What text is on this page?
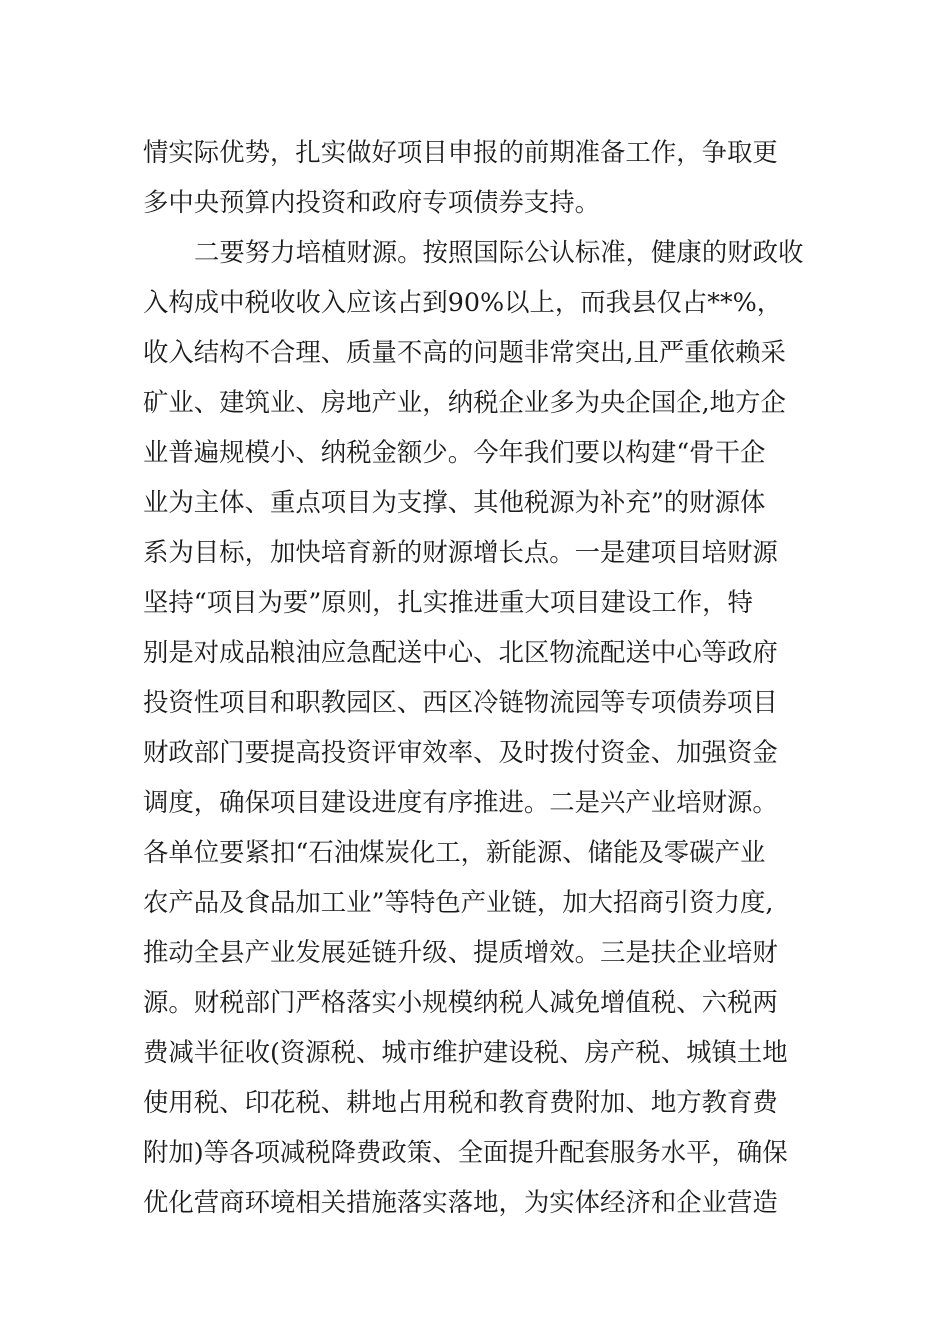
情实际优势，扎实做好项目申报的前期准备工作，争取更
多中央预算内投资和政府专项债券支持。
二要努力培植财源。按照国际公认标准，健康的财政收
入构成中税收收入应该占到90%以上，而我县仅占**%，
收入结构不合理、质量不高的问题非常突出,且严重依赖采
矿业、建筑业、房地产业，纳税企业多为央企国企,地方企
业普遍规模小、纳税金额少。今年我们要以构建“骨干企
业为主体、重点项目为支撑、其他税源为补充”的财源体
系为目标，加快培育新的财源增长点。一是建项目培财源
坚持“项目为要”原则，扎实推进重大项目建设工作，特
别是对成品粮油应急配送中心、北区物流配送中心等政府
投资性项目和职教园区、西区冷链物流园等专项债券项目
财政部门要提高投资评审效率、及时拨付资金、加强资金
调度，确保项目建设进度有序推进。二是兴产业培财源。
各单位要紧扣“石油煤炭化工，新能源、储能及零碳产业
农产品及食品加工业”等特色产业链，加大招商引资力度,
推动全县产业发展延链升级、提质增效。三是扶企业培财
源。财税部门严格落实小规模纳税人减免增值税、六税两
费减半征收(资源税、城市维护建设税、房产税、城镇土地
使用税、印花税、耕地占用税和教育费附加、地方教育费
附加)等各项减税降费政策、全面提升配套服务水平，确保
优化营商环境相关措施落实落地，为实体经济和企业营造
